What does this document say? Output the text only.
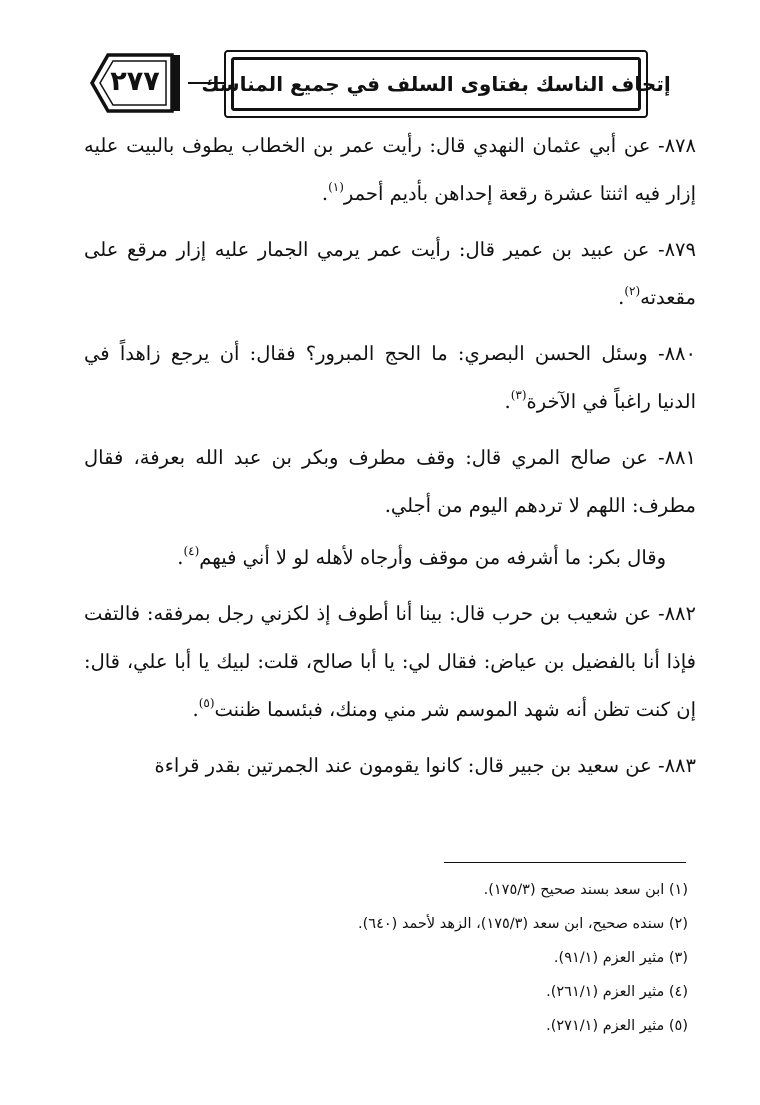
٢٧٧	إتحاف الناسك بفتاوى السلف في جميع المناسك

٨٧٨- عن أبي عثمان النهدي قال: رأيت عمر بن الخطاب يطوف بالبيت عليه إزار فيه اثنتا عشرة رقعة إحداهن بأديم أحمر$^{(١)}$.

٨٧٩- عن عبيد بن عمير قال: رأيت عمر يرمي الجمار عليه إزار مرقع على مقعدته$^{(٢)}$.

٨٨٠- وسئل الحسن البصري: ما الحج المبرور؟ فقال: أن يرجع زاهداً في الدنيا راغباً في الآخرة$^{(٣)}$.

٨٨١- عن صالح المري قال: وقف مطرف وبكر بن عبد الله بعرفة، فقال مطرف: اللهم لا تردهم اليوم من أجلي.

وقال بكر: ما أشرفه من موقف وأرجاه لأهله لو لا أني فيهم$^{(٤)}$.

٨٨٢- عن شعيب بن حرب قال: بينا أنا أطوف إذ لكزني رجل بمرفقه: فالتفت فإذا أنا بالفضيل بن عياض: فقال لي: يا أبا صالح، قلت: لبيك يا أبا علي، قال: إن كنت تظن أنه شهد الموسم شر مني ومنك، فبئسما ظننت$^{(٥)}$.

٨٨٣- عن سعيد بن جبير قال: كانوا يقومون عند الجمرتين بقدر قراءة

(١) ابن سعد بسند صحيح (١٧٥/٣).
(٢) سنده صحيح، ابن سعد (١٧٥/٣)، الزهد لأحمد (٦٤٠).
(٣) مثير العزم (٩١/١).
(٤) مثير العزم (٢٦١/١).
(٥) مثير العزم (٢٧١/١).
